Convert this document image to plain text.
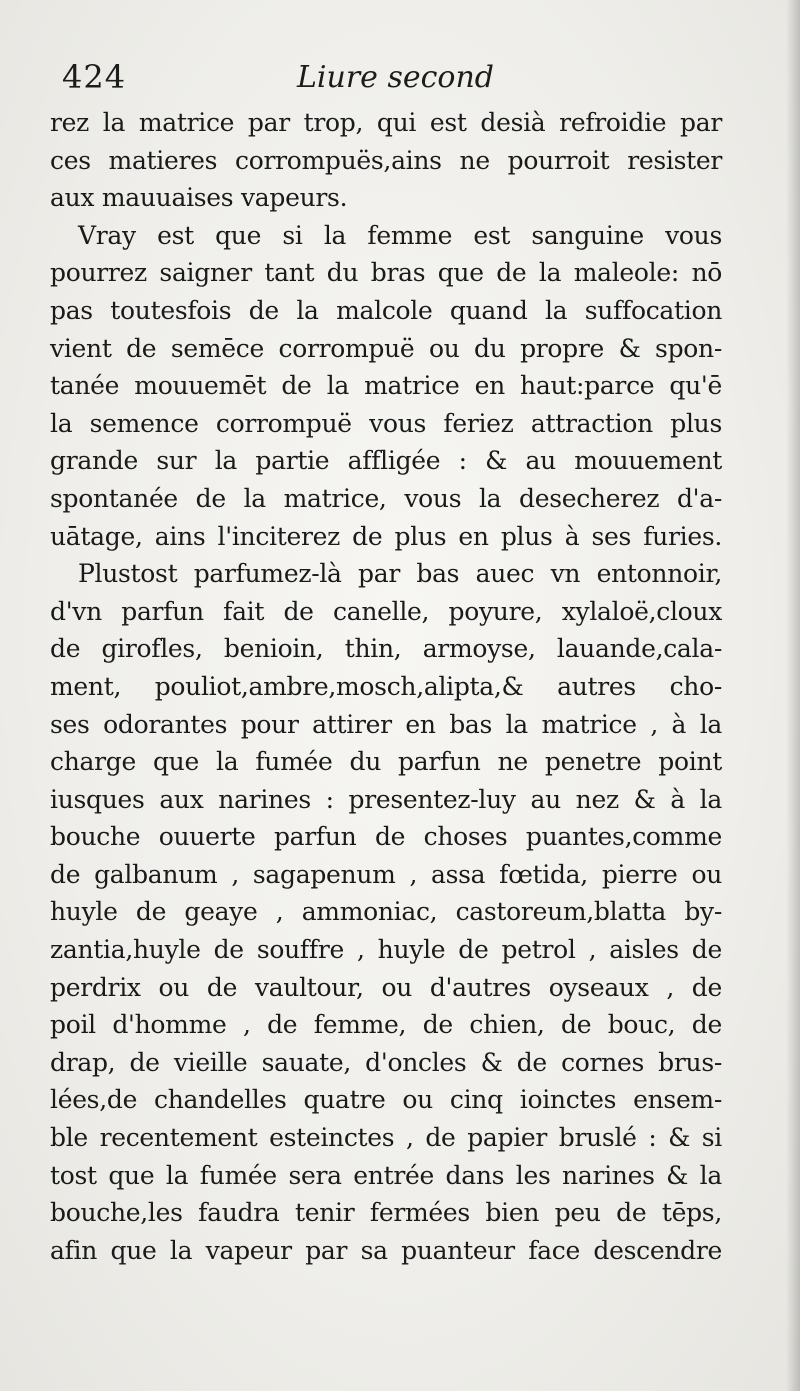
424	Liure second
rez la matrice par trop, qui est desià refroidie par
ces matieres corrompuës,ains ne pourroit resister
aux mauuaises vapeurs.
Vray est que si la femme est sanguine vous
pourrez saigner tant du bras que de la maleole: nō
pas toutesfois de la malcole quand la suffocation
vient de semēce corrompuë ou du propre & spon-
tanée mouuemēt de la matrice en haut:parce qu'ē
la semence corrompuë vous feriez attraction plus
grande sur la partie affligée : & au mouuement
spontanée de la matrice, vous la desecherez d'a-
uātage, ains l'inciterez de plus en plus à ses furies.
Plustost parfumez-là par bas auec vn entonnoir,
d'vn parfun fait de canelle, poyure, xylaloë,cloux
de girofles, benioin, thin, armoyse, lauande,cala-
ment, pouliot,ambre,mosch,alipta,& autres cho-
ses odorantes pour attirer en bas la matrice , à la
charge que la fumée du parfun ne penetre point
iusques aux narines : presentez-luy au nez & à la
bouche ouuerte parfun de choses puantes,comme
de galbanum , sagapenum , assa fœtida, pierre ou
huyle de geaye , ammoniac, castoreum,blatta by-
zantia,huyle de souffre , huyle de petrol , aisles de
perdrix ou de vaultour, ou d'autres oyseaux , de
poil d'homme , de femme, de chien, de bouc, de
drap, de vieille sauate, d'oncles & de cornes brus-
lées,de chandelles quatre ou cinq ioinctes ensem-
ble recentement esteinctes , de papier bruslé : & si
tost que la fumée sera entrée dans les narines & la
bouche,les faudra tenir fermées bien peu de tēps,
afin que la vapeur par sa puanteur face descendre
